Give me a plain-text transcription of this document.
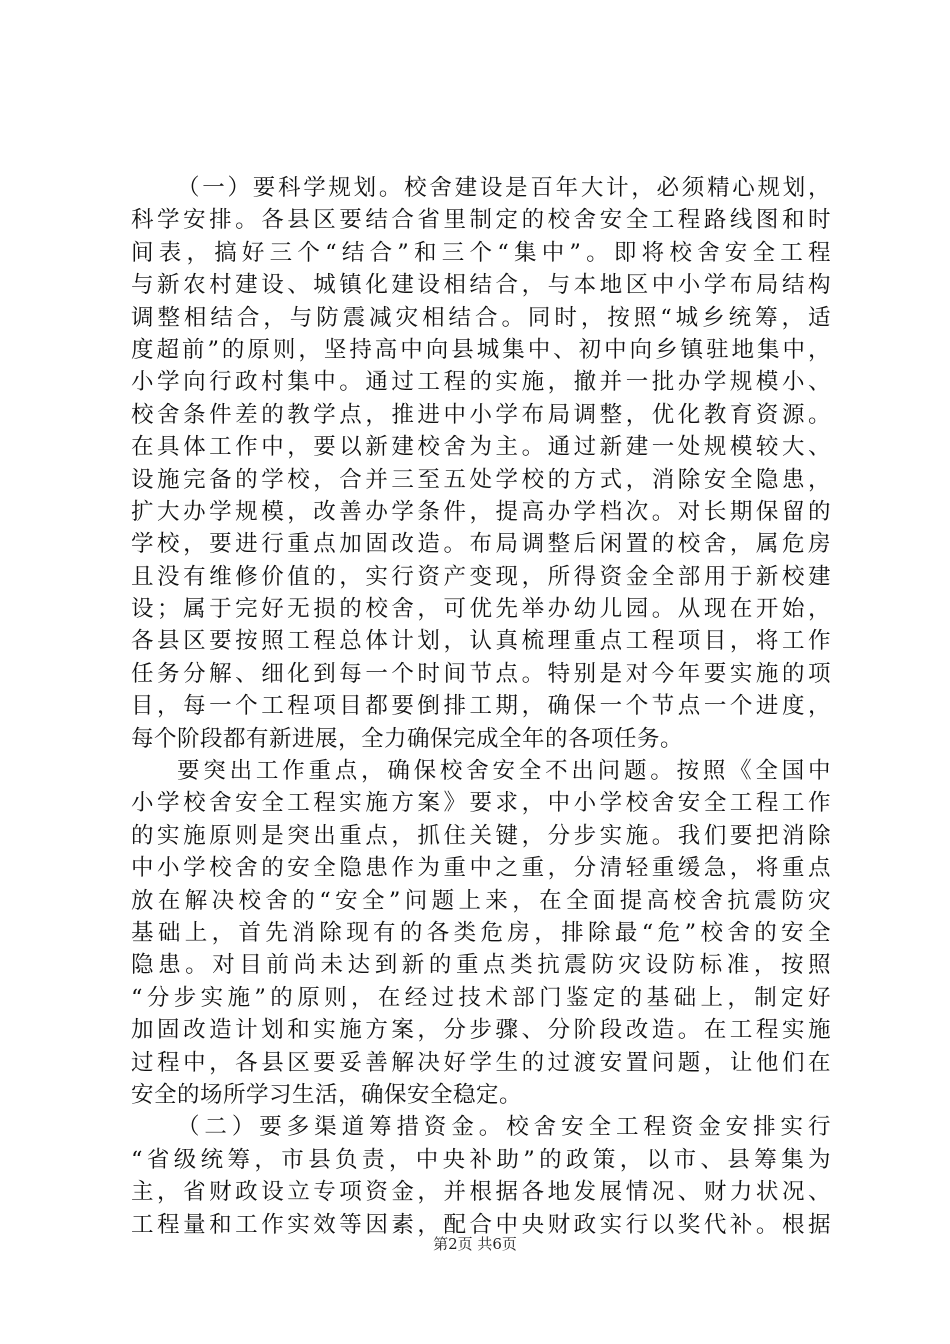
（一）要科学规划。校舍建设是百年大计，必须精心规划，
科学安排。各县区要结合省里制定的校舍安全工程路线图和时
间表，搞好三个“结合”和三个“集中”。即将校舍安全工程
与新农村建设、城镇化建设相结合，与本地区中小学布局结构
调整相结合，与防震减灾相结合。同时，按照“城乡统筹，适
度超前”的原则，坚持高中向县城集中、初中向乡镇驻地集中，
小学向行政村集中。通过工程的实施，撤并一批办学规模小、
校舍条件差的教学点，推进中小学布局调整，优化教育资源。
在具体工作中，要以新建校舍为主。通过新建一处规模较大、
设施完备的学校，合并三至五处学校的方式，消除安全隐患，
扩大办学规模，改善办学条件，提高办学档次。对长期保留的
学校，要进行重点加固改造。布局调整后闲置的校舍，属危房
且没有维修价值的，实行资产变现，所得资金全部用于新校建
设；属于完好无损的校舍，可优先举办幼儿园。从现在开始，
各县区要按照工程总体计划，认真梳理重点工程项目，将工作
任务分解、细化到每一个时间节点。特别是对今年要实施的项
目，每一个工程项目都要倒排工期，确保一个节点一个进度，
每个阶段都有新进展，全力确保完成全年的各项任务。
要突出工作重点，确保校舍安全不出问题。按照《全国中
小学校舍安全工程实施方案》要求，中小学校舍安全工程工作
的实施原则是突出重点，抓住关键，分步实施。我们要把消除
中小学校舍的安全隐患作为重中之重，分清轻重缓急，将重点
放在解决校舍的“安全”问题上来，在全面提高校舍抗震防灾
基础上，首先消除现有的各类危房，排除最“危”校舍的安全
隐患。对目前尚未达到新的重点类抗震防灾设防标准，按照
“分步实施”的原则，在经过技术部门鉴定的基础上，制定好
加固改造计划和实施方案，分步骤、分阶段改造。在工程实施
过程中，各县区要妥善解决好学生的过渡安置问题，让他们在
安全的场所学习生活，确保安全稳定。
（二）要多渠道筹措资金。校舍安全工程资金安排实行
“省级统筹，市县负责，中央补助”的政策，以市、县筹集为
主，省财政设立专项资金，并根据各地发展情况、财力状况、
工程量和工作实效等因素，配合中央财政实行以奖代补。根据
第2页 共6页
